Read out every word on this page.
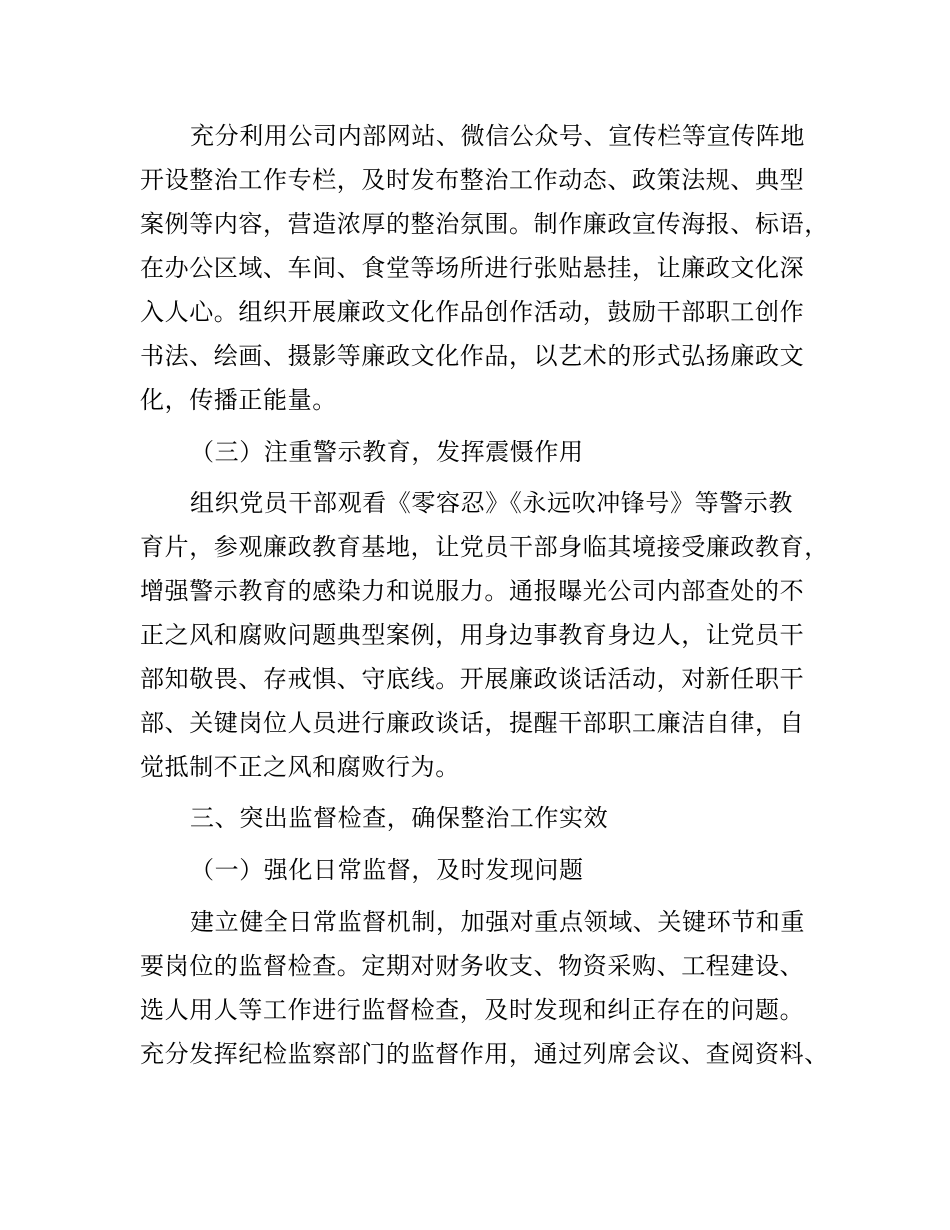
充分利用公司内部网站、微信公众号、宣传栏等宣传阵地
开设整治工作专栏，及时发布整治工作动态、政策法规、典型
案例等内容，营造浓厚的整治氛围。制作廉政宣传海报、标语，
在办公区域、车间、食堂等场所进行张贴悬挂，让廉政文化深
入人心。组织开展廉政文化作品创作活动，鼓励干部职工创作
书法、绘画、摄影等廉政文化作品，以艺术的形式弘扬廉政文
化，传播正能量。
（三）注重警示教育，发挥震慑作用
组织党员干部观看《零容忍》《永远吹冲锋号》等警示教
育片，参观廉政教育基地，让党员干部身临其境接受廉政教育，
增强警示教育的感染力和说服力。通报曝光公司内部查处的不
正之风和腐败问题典型案例，用身边事教育身边人，让党员干
部知敬畏、存戒惧、守底线。开展廉政谈话活动，对新任职干
部、关键岗位人员进行廉政谈话，提醒干部职工廉洁自律，自
觉抵制不正之风和腐败行为。
三、突出监督检查，确保整治工作实效
（一）强化日常监督，及时发现问题
建立健全日常监督机制，加强对重点领域、关键环节和重
要岗位的监督检查。定期对财务收支、物资采购、工程建设、
选人用人等工作进行监督检查，及时发现和纠正存在的问题。
充分发挥纪检监察部门的监督作用，通过列席会议、查阅资料、
